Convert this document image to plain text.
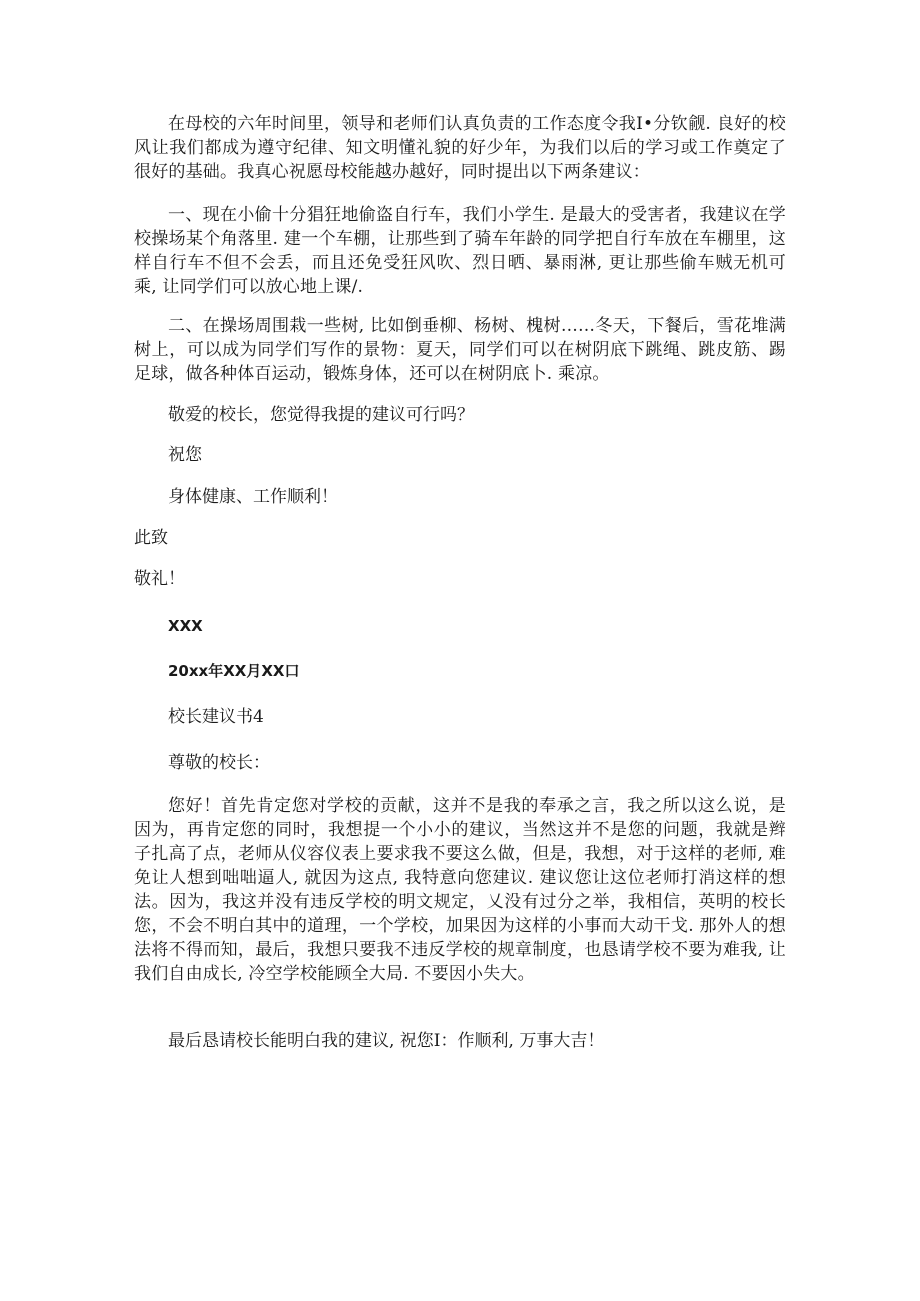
在母校的六年时间里，领导和老师们认真负责的工作态度令我I•分钦觎. 良好的校风让我们都成为遵守纪律、知文明懂礼貌的好少年，为我们以后的学习或工作奠定了很好的基础。我真心祝愿母校能越办越好，同时提出以下两条建议：

一、现在小偷十分猖狂地偷盗自行车，我们小学生. 是最大的受害者，我建议在学校操场某个角落里. 建一个车棚，让那些到了骑车年龄的同学把自行车放在车棚里，这样自行车不但不会丢，而且还免受狂风吹、烈日晒、暴雨淋, 更让那些偷车贼无机可乘, 让同学们可以放心地上课/.

二、在操场周围栽一些树, 比如倒垂柳、杨树、槐树……冬天，下餐后，雪花堆满树上，可以成为同学们写作的景物：夏天，同学们可以在树阴底下跳绳、跳皮筋、踢足球，做各种体百运动，锻炼身体，还可以在树阴底卜. 乘凉。

敬爱的校长，您觉得我提的建议可行吗？

祝您

身体健康、工作顺利！

此致

敬礼！

XXX

20xx年XX月XX口

校长建议书4

尊敬的校长：

您好！首先肯定您对学校的贡献，这并不是我的奉承之言，我之所以这么说，是因为，再肯定您的同时，我想提一个小小的建议，当然这并不是您的问题，我就是辫子扎高了点，老师从仪容仪表上要求我不要这么做，但是，我想，对于这样的老师, 难免让人想到咄咄逼人, 就因为这点, 我特意向您建议. 建议您让这位老师打消这样的想法。因为，我这并没有违反学校的明文规定，乂没有过分之举，我相信，英明的校长您，不会不明白其中的道理，一个学校，加果因为这样的小事而大动干戈. 那外人的想法将不得而知，最后，我想只要我不违反学校的规章制度，也恳请学校不要为难我, 让我们自由成长, 冷空学校能顾全大局. 不要因小失大。

最后恳请校长能明白我的建议, 祝您I：作顺利, 万事大吉！
